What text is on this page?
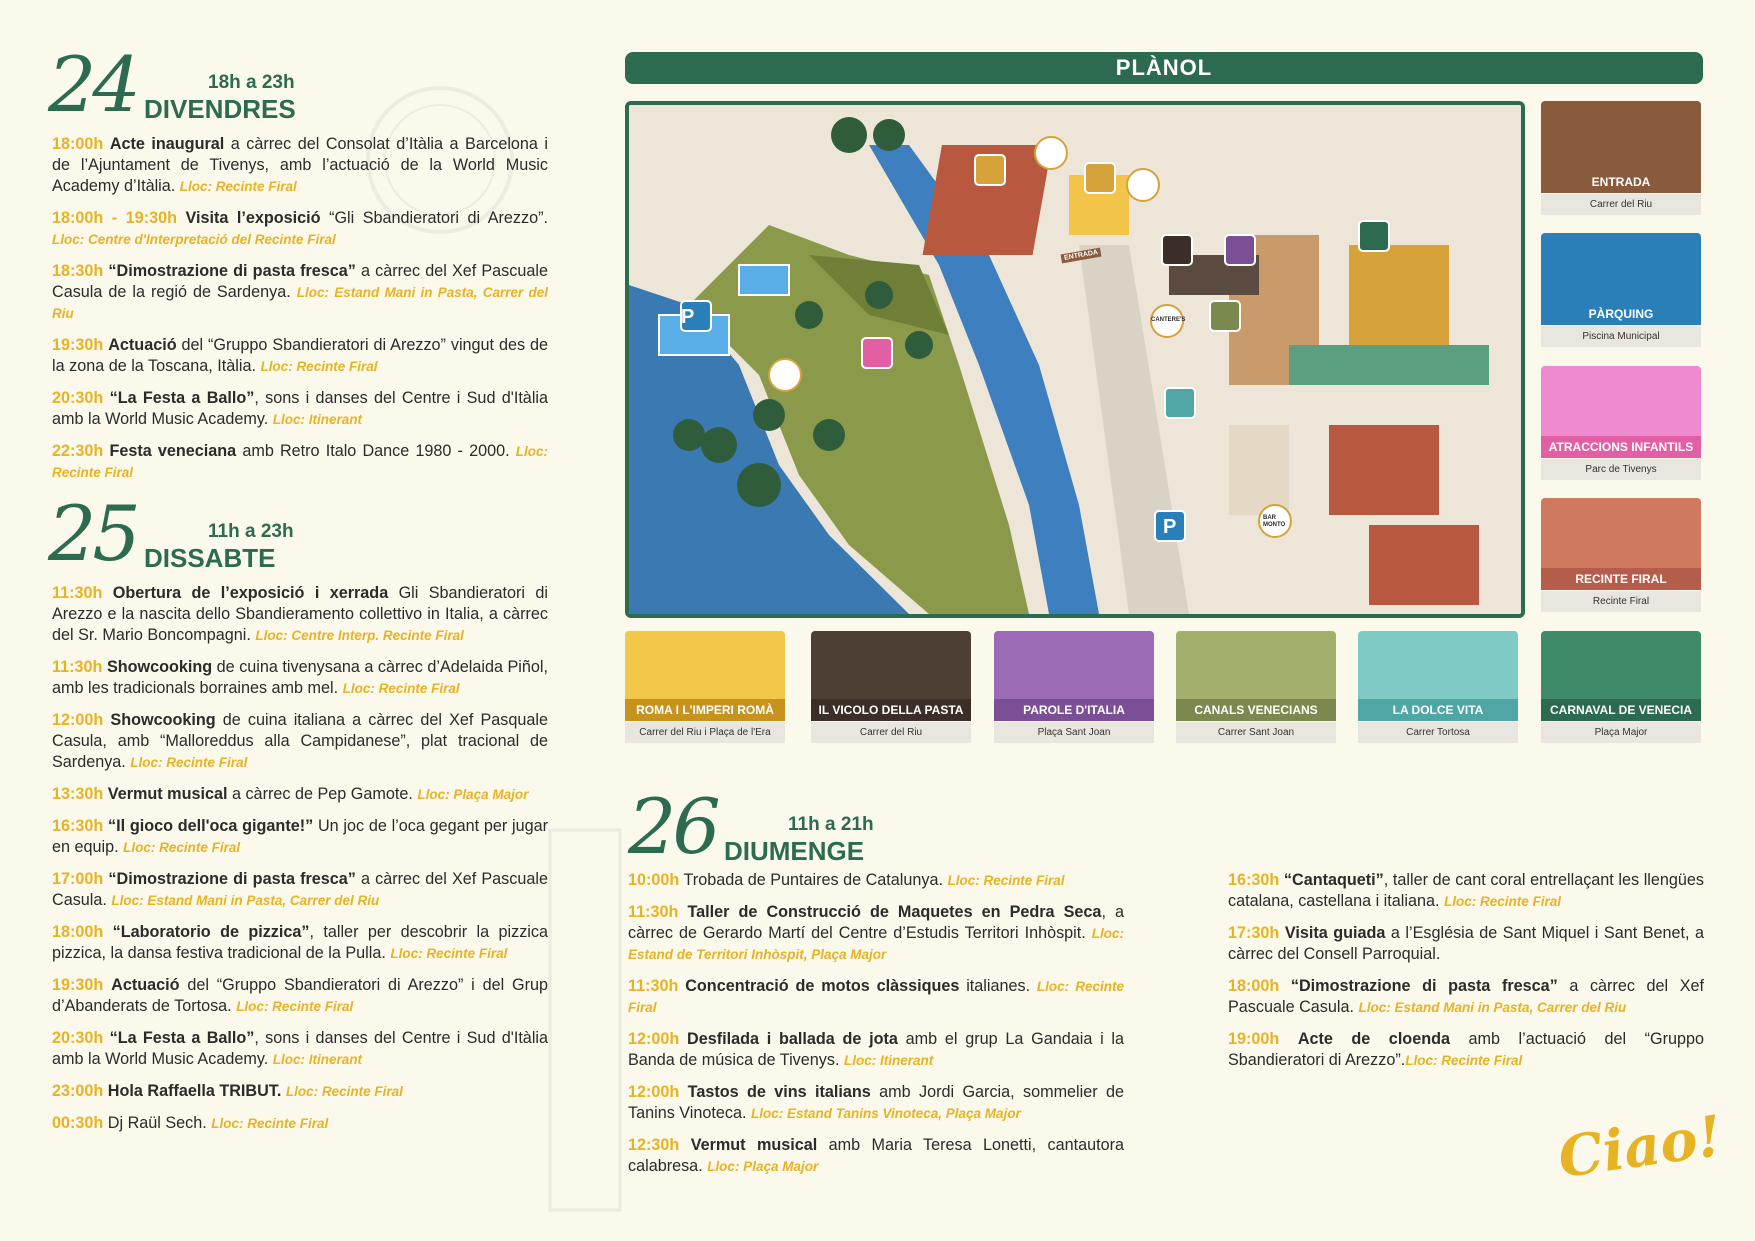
24	18h a 23h
DIVENDRES
18:00h Acte inaugural a càrrec del Consolat d’Itàlia a Barcelona i de l’Ajuntament de Tivenys, amb l’actuació de la World Music Academy d’Itàlia. Lloc: Recinte Firal
18:00h - 19:30h Visita l’exposició “Gli Sbandieratori di Arezzo”. Lloc: Centre d'Interpretació del Recinte Firal
18:30h “Dimostrazione di pasta fresca” a càrrec del Xef Pascuale Casula de la regió de Sardenya. Lloc: Estand Mani in Pasta, Carrer del Riu
19:30h Actuació del “Gruppo Sbandieratori di Arezzo” vingut des de la zona de la Toscana, Itàlia. Lloc: Recinte Firal
20:30h “La Festa a Ballo”, sons i danses del Centre i Sud d'Itàlia amb la World Music Academy. Lloc: Itinerant
22:30h Festa veneciana amb Retro Italo Dance 1980 - 2000. Lloc: Recinte Firal
25	11h a 23h
DISSABTE
11:30h Obertura de l’exposició i xerrada Gli Sbandieratori di Arezzo e la nascita dello Sbandieramento collettivo in Italia, a càrrec del Sr. Mario Boncompagni. Lloc: Centre Interp. Recinte Firal
11:30h Showcooking de cuina tivenysana a càrrec d’Adelaida Piñol, amb les tradicionals borraines amb mel. Lloc: Recinte Firal
12:00h Showcooking de cuina italiana a càrrec del Xef Pasquale Casula, amb “Malloreddus alla Campidanese”, plat tracional de Sardenya. Lloc: Recinte Firal
13:30h Vermut musical a càrrec de Pep Gamote. Lloc: Plaça Major
16:30h “Il gioco dell'oca gigante!” Un joc de l’oca gegant per jugar en equip. Lloc: Recinte Firal
17:00h “Dimostrazione di pasta fresca” a càrrec del Xef Pascuale Casula. Lloc: Estand Mani in Pasta, Carrer del Riu
18:00h “Laboratorio de pizzica”, taller per descobrir la pizzica pizzica, la dansa festiva tradicional de la Pulla. Lloc: Recinte Firal
19:30h Actuació del “Gruppo Sbandieratori di Arezzo” i del Grup d’Abanderats de Tortosa. Lloc: Recinte Firal
20:30h “La Festa a Ballo”, sons i danses del Centre i Sud d'Itàlia amb la World Music Academy. Lloc: Itinerant
23:00h Hola Raffaella TRIBUT. Lloc: Recinte Firal
00:30h Dj Raül Sech. Lloc: Recinte Firal
PLÀNOL
P
P
CANTERE'S
BAR MONTO
ENTRADA
ENTRADA
Carrer del Riu
PÀRQUING
Piscina Municipal
ATRACCIONS INFANTILS
Parc de Tivenys
RECINTE FIRAL
Recinte Firal
ROMA I L'IMPERI ROMÀ
Carrer del Riu i Plaça de l'Era
IL VICOLO DELLA PASTA
Carrer del Riu
PAROLE D'ITALIA
Plaça Sant Joan
CANALS VENECIANS
Carrer Sant Joan
LA DOLCE VITA
Carrer Tortosa
CARNAVAL DE VENECIA
Plaça Major
26	11h a 21h
DIUMENGE
10:00h Trobada de Puntaires de Catalunya. Lloc: Recinte Firal
11:30h Taller de Construcció de Maquetes en Pedra Seca, a càrrec de Gerardo Martí del Centre d’Estudis Territori Inhòspit. Lloc: Estand de Territori Inhòspit, Plaça Major
11:30h Concentració de motos clàssiques italianes. Lloc: Recinte Firal
12:00h Desfilada i ballada de jota amb el grup La Gandaia i la Banda de música de Tivenys. Lloc: Itinerant
12:00h Tastos de vins italians amb Jordi Garcia, sommelier de Tanins Vinoteca. Lloc: Estand Tanins Vinoteca, Plaça Major
12:30h Vermut musical amb Maria Teresa Lonetti, cantautora calabresa. Lloc: Plaça Major
16:30h “Cantaqueti”, taller de cant coral entrellaçant les llengües catalana, castellana i italiana. Lloc: Recinte Firal
17:30h Visita guiada a l’Església de Sant Miquel i Sant Benet, a càrrec del Consell Parroquial.
18:00h “Dimostrazione di pasta fresca” a càrrec del Xef Pascuale Casula. Lloc: Estand Mani in Pasta, Carrer del Riu
19:00h Acte de cloenda amb l’actuació del “Gruppo Sbandieratori di Arezzo”.Lloc: Recinte Firal
Ciao!
